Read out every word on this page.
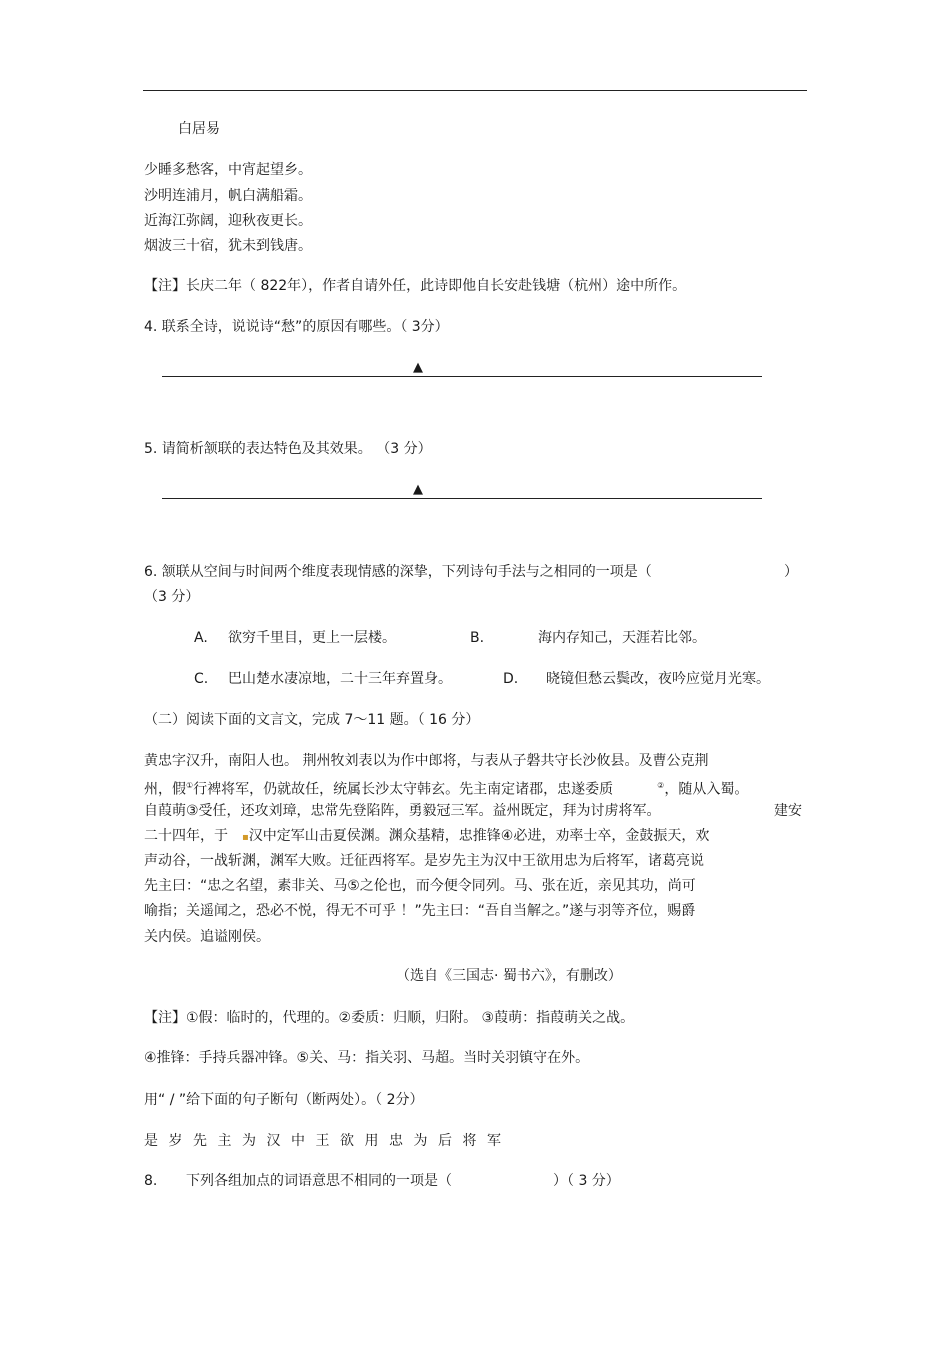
白居易
少睡多愁客，中宵起望乡。
沙明连浦月，帆白满船霜。
近海江弥阔，迎秋夜更长。
烟波三十宿，犹未到钱唐。
【注】长庆二年（ 822年），作者自请外任，此诗即他自长安赴钱塘（杭州）途中所作。
4. 联系全诗，说说诗“愁”的原因有哪些。（ 3分）
▲
5. 请简析颔联的表达特色及其效果。 （3 分）
▲
6. 颔联从空间与时间两个维度表现情感的深挚，下列诗句手法与之相同的一项是（	）
（3 分）
A. 欲穷千里目，更上一层楼。	B.	海内存知己，天涯若比邻。
C. 巴山楚水凄凉地，二十三年弃置身。	D. 晓镜但愁云鬓改，夜吟应觉月光寒。
（二）阅读下面的文言文，完成 7～11 题。（ 16 分）
黄忠字汉升，南阳人也。 荆州牧刘表以为作中郎将，与表从子磐共守长沙攸县。及曹公克荆
州，假①行裨将军，仍就故任，统属长沙太守韩玄。先主南定诸郡，忠遂委质	②，随从入蜀。
自葭萌③受任，还攻刘璋，忠常先登陷阵，勇毅冠三军。益州既定，拜为讨虏将军。	建安
二十四年，于 ▪汉中定军山击夏侯渊。渊众基精，忠推锋④必进，劝率士卒，金鼓振天，欢
声动谷，一战斩渊，渊军大败。迁征西将军。是岁先主为汉中王欲用忠为后将军，诸葛亮说
先主曰：“忠之名望，素非关、马⑤之伦也，而今便令同列。马、张在近，亲见其功，尚可
喻指；关遥闻之，恐必不悦，得无不可乎 ！”先主曰：“吾自当解之。”遂与羽等齐位，赐爵
关内侯。追谥刚侯。
（选自《三国志· 蜀书六》，有删改）
【注】①假：临时的，代理的。②委质：归顺，归附。 ③葭萌：指葭萌关之战。
④推锋：手持兵器冲锋。⑤关、马：指关羽、马超。当时关羽镇守在外。
用“ / ”给下面的句子断句（断两处）。（ 2分）
是岁先主为汉中王欲用忠为后将军
8. 下列各组加点的词语意思不相同的一项是（	）（ 3 分）
